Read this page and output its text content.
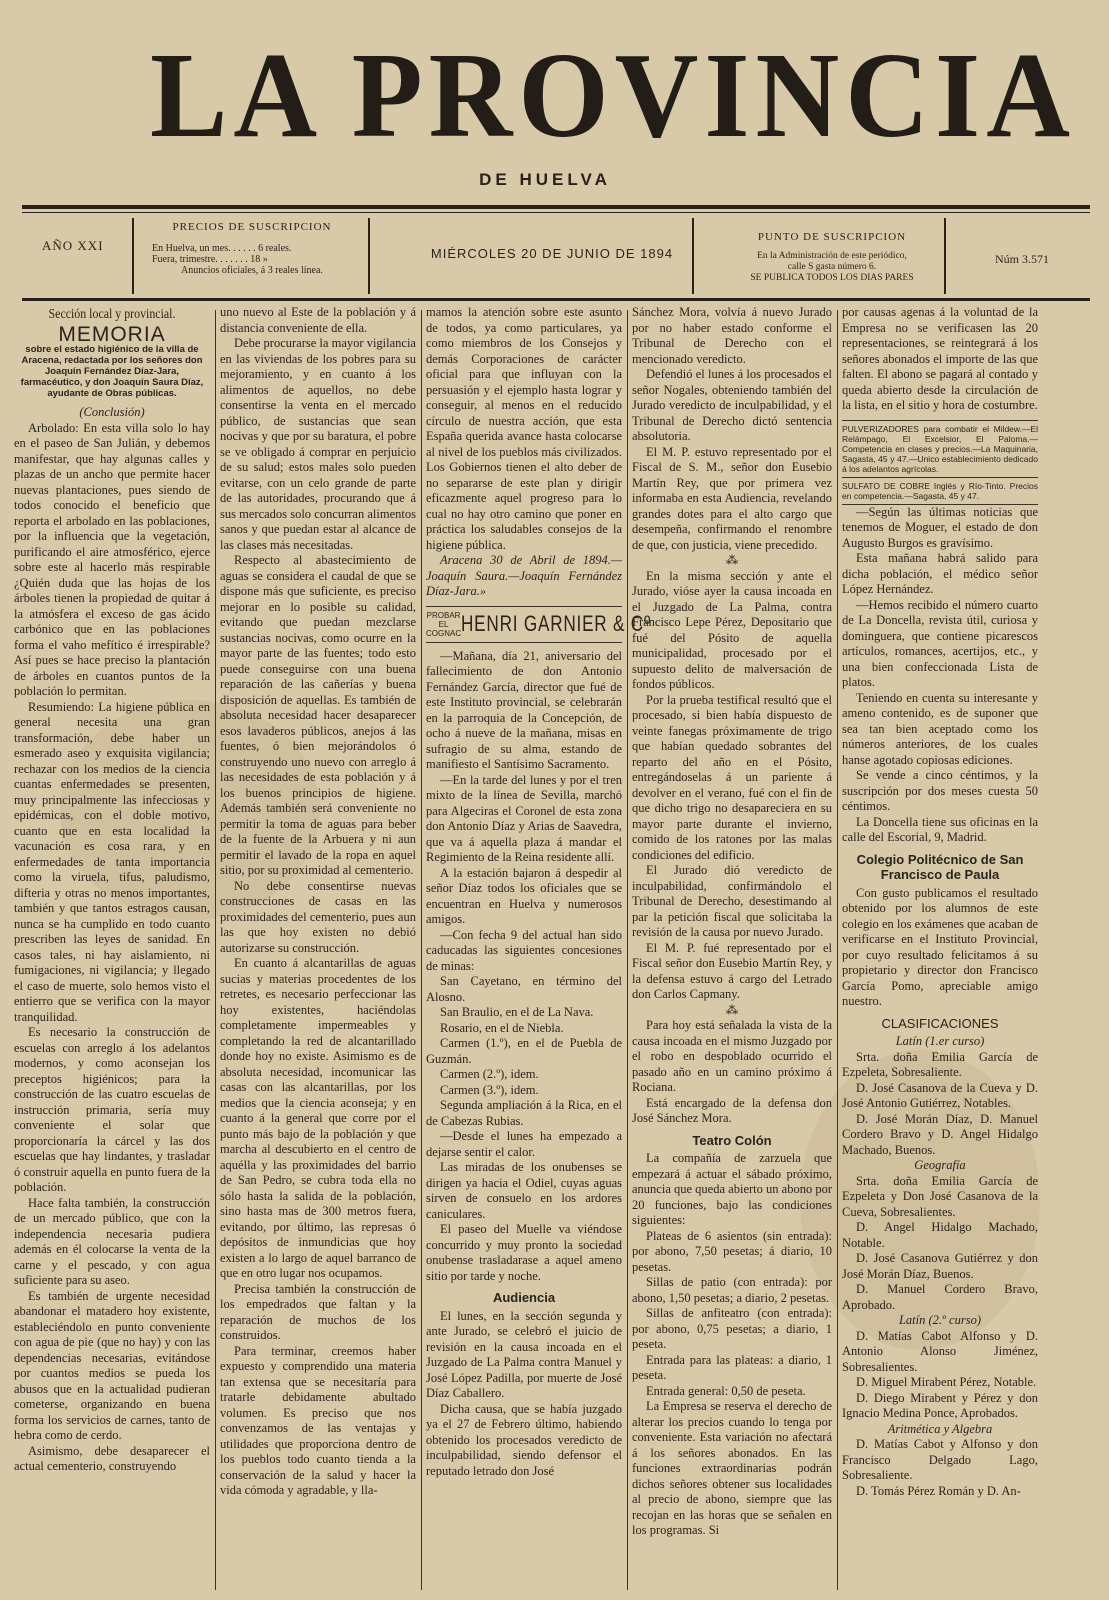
LA PROVINCIA
DE HUELVA
AÑO XXI
PRECIOS DE SUSCRIPCION
En Huelva, un mes. . . . . . 6 reales.
Fuera, trimestre. . . . . . . 18 »
Anuncios oficiales, á 3 reales línea.
MIÉRCOLES 20 DE JUNIO DE 1894
PUNTO DE SUSCRIPCION
En la Administración de este periódico,
calle S gasta número 6.
SE PUBLICA TODOS LOS DIAS PARES
Núm 3.571
Sección local y provincial.
MEMORIA
sobre el estado higiénico de la villa de Aracena, redactada por los señores don Joaquín Fernández Díaz-Jara, farmacéutico, y don Joaquín Saura Díaz, ayudante de Obras públicas.

(Conclusión)

Arbolado: En esta villa solo lo hay en el paseo de San Julián, y debemos manifestar, que hay algunas calles y plazas de un ancho que permite hacer nuevas plantaciones, pues siendo de todos conocido el beneficio que reporta el arbolado en las poblaciones, por la influencia que la vegetación, purificando el aire atmosférico, ejerce sobre este al hacerlo más respirable ¿Quién duda que las hojas de los árboles tienen la propiedad de quitar á la atmósfera el exceso de gas ácido carbónico que en las poblaciones forma el vaho mefítico é irrespirable? Así pues se hace preciso la plantación de árboles en cuantos puntos de la población lo permitan.

Resumiendo: La higiene pública en general necesita una gran transformación, debe haber un esmerado aseo y exquisita vigilancia; rechazar con los medios de la ciencia cuantas enfermedades se presenten, muy principalmente las infecciosas y epidémicas, con el doble motivo, cuanto que en esta localidad la vacunación es cosa rara, y en enfermedades de tanta importancia como la viruela, tifus, paludismo, difteria y otras no menos importantes, también y que tantos estragos causan, nunca se ha cumplido en todo cuanto prescriben las leyes de sanidad. En casos tales, ni hay aislamiento, ni fumigaciones, ni vigilancia; y llegado el caso de muerte, solo hemos visto el entierro que se verifica con la mayor tranquilidad.

Es necesario la construcción de escuelas con arreglo á los adelantos modernos, y como aconsejan los preceptos higiénicos; para la construcción de las cuatro escuelas de instrucción primaria, sería muy conveniente el solar que proporcionaría la cárcel y las dos escuelas que hay lindantes, y trasladar ó construir aquella en punto fuera de la población.

Hace falta también, la construcción de un mercado público, que con la independencia necesaria pudiera además en él colocarse la venta de la carne y el pescado, y con agua suficiente para su aseo.

Es también de urgente necesidad abandonar el matadero hoy existente, estableciéndolo en punto conveniente con agua de pie (que no hay) y con las dependencias necesarias, evitándose por cuantos medios se pueda los abusos que en la actualidad pudieran cometerse, organizando en buena forma los servicios de carnes, tanto de hebra como de cerdo.

Asimismo, debe desaparecer el actual cementerio, construyendo

uno nuevo al Este de la población y á distancia conveniente de ella.

Debe procurarse la mayor vigilancia en las viviendas de los pobres para su mejoramiento, y en cuanto á los alimentos de aquellos, no debe consentirse la venta en el mercado público, de sustancias que sean nocivas y que por su baratura, el pobre se ve obligado á comprar en perjuicio de su salud; estos males solo pueden evitarse, con un celo grande de parte de las autoridades, procurando que á sus mercados solo concurran alimentos sanos y que puedan estar al alcance de las clases más necesitadas.

Respecto al abastecimiento de aguas se considera el caudal de que se dispone más que suficiente, es preciso mejorar en lo posible su calidad, evitando que puedan mezclarse sustancias nocivas, como ocurre en la mayor parte de las fuentes; todo esto puede conseguirse con una buena reparación de las cañerías y buena disposición de aquellas. Es también de absoluta necesidad hacer desaparecer esos lavaderos públicos, anejos á las fuentes, ó bien mejorándolos ó construyendo uno nuevo con arreglo á las necesidades de esta población y á los buenos principios de higiene. Además también será conveniente no permitir la toma de aguas para beber de la fuente de la Arbuera y ni aun permitir el lavado de la ropa en aquel sitio, por su proximidad al cementerio.

No debe consentirse nuevas construcciones de casas en las proximidades del cementerio, pues aun las que hoy existen no debió autorizarse su construcción.

En cuanto á alcantarillas de aguas sucias y materias procedentes de los retretes, es necesario perfeccionar las hoy existentes, haciéndolas completamente impermeables y completando la red de alcantarillado donde hoy no existe. Asimismo es de absoluta necesidad, incomunicar las casas con las alcantarillas, por los medios que la ciencia aconseja; y en cuanto á la general que corre por el punto más bajo de la población y que marcha al descubierto en el centro de aquélla y las proximidades del barrio de San Pedro, se cubra toda ella no sólo hasta la salida de la población, sino hasta mas de 300 metros fuera, evitando, por último, las represas ó depósitos de inmundicias que hoy existen a lo largo de aquel barranco de que en otro lugar nos ocupamos.

Precisa también la construcción de los empedrados que faltan y la reparación de muchos de los construidos.

Para terminar, creemos haber expuesto y comprendido una materia tan extensa que se necesitaría para tratarle debidamente abultado volumen. Es preciso que nos convenzamos de las ventajas y utilidades que proporciona dentro de los pueblos todo cuanto tienda a la conservación de la salud y hacer la vida cómoda y agradable, y lla-

mamos la atención sobre este asunto de todos, ya como particulares, ya como miembros de los Consejos y demás Corporaciones de carácter oficial para que influyan con la persuasión y el ejemplo hasta lograr y conseguir, al menos en el reducido círculo de nuestra acción, que esta España querida avance hasta colocarse al nivel de los pueblos más civilizados. Los Gobiernos tienen el alto deber de no separarse de este plan y dirigir eficazmente aquel progreso para lo cual no hay otro camino que poner en práctica los saludables consejos de la higiene pública.

Aracena 30 de Abril de 1894.—Joaquín Saura.—Joaquín Fernández Díaz-Jara.»

PROBAR EL COGNAC HENRI GARNIER & Cº

—Mañana, día 21, aniversario del fallecimiento de don Antonio Fernández García, director que fué de este Instituto provincial, se celebrarán en la parroquia de la Concepción, de ocho á nueve de la mañana, misas en sufragio de su alma, estando de manifiesto el Santísimo Sacramento.

—En la tarde del lunes y por el tren mixto de la línea de Sevilla, marchó para Algeciras el Coronel de esta zona don Antonio Díaz y Arias de Saavedra, que va á aquella plaza á mandar el Regimiento de la Reina residente allí.

A la estación bajaron á despedir al señor Díaz todos los oficiales que se encuentran en Huelva y numerosos amigos.

—Con fecha 9 del actual han sido caducadas las siguientes concesiones de minas:

San Cayetano, en término del Alosno.

San Braulio, en el de La Nava.

Rosario, en el de Niebla.

Carmen (1.º), en el de Puebla de Guzmán.

Carmen (2.º), idem.

Carmen (3.º), idem.

Segunda ampliación á la Rica, en el de Cabezas Rubias.

—Desde el lunes ha empezado a dejarse sentir el calor.

Las miradas de los onubenses se dirigen ya hacia el Odiel, cuyas aguas sirven de consuelo en los ardores caniculares.

El paseo del Muelle va viéndose concurrido y muy pronto la sociedad onubense trasladarase a aquel ameno sitio por tarde y noche.

Audiencia

El lunes, en la sección segunda y ante Jurado, se celebró el juicio de revisión en la causa incoada en el Juzgado de La Palma contra Manuel y José López Padilla, por muerte de José Díaz Caballero.

Dicha causa, que se había juzgado ya el 27 de Febrero último, habiendo obtenido los procesados veredicto de inculpabilidad, siendo defensor el reputado letrado don José

Sánchez Mora, volvía á nuevo Jurado por no haber estado conforme el Tribunal de Derecho con el mencionado veredicto.

Defendió el lunes á los procesados el señor Nogales, obteniendo también del Jurado veredicto de inculpabilidad, y el Tribunal de Derecho dictó sentencia absolutoria.

El M. P. estuvo representado por el Fiscal de S. M., señor don Eusebio Martín Rey, que por primera vez informaba en esta Audiencia, revelando grandes dotes para el alto cargo que desempeña, confirmando el renombre de que, con justicia, viene precedido.

⁂

En la misma sección y ante el Jurado, vióse ayer la causa incoada en el Juzgado de La Palma, contra Francisco Lepe Pérez, Depositario que fué del Pósito de aquella municipalidad, procesado por el supuesto delito de malversación de fondos públicos.

Por la prueba testifical resultó que el procesado, si bien había dispuesto de veinte fanegas próximamente de trigo que habían quedado sobrantes del reparto del año en el Pósito, entregándoselas á un pariente á devolver en el verano, fué con el fin de que dicho trigo no desapareciera en su mayor parte durante el invierno, comido de los ratones por las malas condiciones del edificio.

El Jurado dió veredicto de inculpabilidad, confirmándolo el Tribunal de Derecho, desestimando al par la petición fiscal que solicitaba la revisión de la causa por nuevo Jurado.

El M. P. fué representado por el Fiscal señor don Eusebio Martín Rey, y la defensa estuvo á cargo del Letrado don Carlos Capmany.

⁂

Para hoy está señalada la vista de la causa incoada en el mismo Juzgado por el robo en despoblado ocurrido el pasado año en un camino próximo á Rociana.

Está encargado de la defensa don José Sánchez Mora.

Teatro Colón

La compañía de zarzuela que empezará á actuar el sábado próximo, anuncia que queda abierto un abono por 20 funciones, bajo las condiciones siguientes:

Plateas de 6 asientos (sin entrada): por abono, 7,50 pesetas; á diario, 10 pesetas.

Sillas de patio (con entrada): por abono, 1,50 pesetas; a diario, 2 pesetas.

Sillas de anfiteatro (con entrada): por abono, 0,75 pesetas; a diario, 1 peseta.

Entrada para las plateas: a diario, 1 peseta.

Entrada general: 0,50 de peseta.

La Empresa se reserva el derecho de alterar los precios cuando lo tenga por conveniente. Esta variación no afectará á los señores abonados. En las funciones extraordinarias podrán dichos señores obtener sus localidades al precio de abono, siempre que las recojan en las horas que se señalen en los programas. Si

por causas agenas á la voluntad de la Empresa no se verificasen las 20 representaciones, se reintegrará á los señores abonados el importe de las que falten. El abono se pagará al contado y queda abierto desde la circulación de la lista, en el sitio y hora de costumbre.

PULVERIZADORES para combatir el Mildew.—El Relámpago, El Excelsior, El Paloma.—Competencia en clases y precios.—La Maquinaria, Sagasta, 45 y 47.—Unico establecimiento dedicado á los adelantos agrícolas.
SULFATO DE COBRE Inglés y Río-Tinto. Precios en competencia.—Sagasta, 45 y 47.

—Según las últimas noticias que tenemos de Moguer, el estado de don Augusto Burgos es gravísimo.

Esta mañana habrá salido para dicha población, el médico señor López Hernández.

—Hemos recibido el número cuarto de La Doncella, revista útil, curiosa y dominguera, que contiene picarescos artículos, romances, acertijos, etc., y una bien confeccionada Lista de platos.

Teniendo en cuenta su interesante y ameno contenido, es de suponer que sea tan bien aceptado como los números anteriores, de los cuales hanse agotado copiosas ediciones.

Se vende a cinco céntimos, y la suscripción por dos meses cuesta 50 céntimos.

La Doncella tiene sus oficinas en la calle del Escorial, 9, Madrid.

Colegio Politécnico de San Francisco de Paula

Con gusto publicamos el resultado obtenido por los alumnos de este colegio en los exámenes que acaban de verificarse en el Instituto Provincial, por cuyo resultado felicitamos á su propietario y director don Francisco García Pomo, apreciable amigo nuestro.

CLASIFICACIONES

Latín (1.er curso)

Srta. doña Emilia García de Ezpeleta, Sobresaliente.

D. José Casanova de la Cueva y D. José Antonio Gutiérrez, Notables.

D. José Morán Díaz, D. Manuel Cordero Bravo y D. Angel Hidalgo Machado, Buenos.

Geografía

Srta. doña Emilia García de Ezpeleta y Don José Casanova de la Cueva, Sobresalientes.

D. Angel Hidalgo Machado, Notable.

D. José Casanova Gutiérrez y don José Morán Díaz, Buenos.

D. Manuel Cordero Bravo, Aprobado.

Latín (2.º curso)

D. Matías Cabot Alfonso y D. Antonio Alonso Jiménez, Sobresalientes.

D. Miguel Mirabent Pérez, Notable.

D. Diego Mirabent y Pérez y don Ignacio Medina Ponce, Aprobados.

Aritmética y Algebra

D. Matías Cabot y Alfonso y don Francisco Delgado Lago, Sobresaliente.

D. Tomás Pérez Román y D. An-
